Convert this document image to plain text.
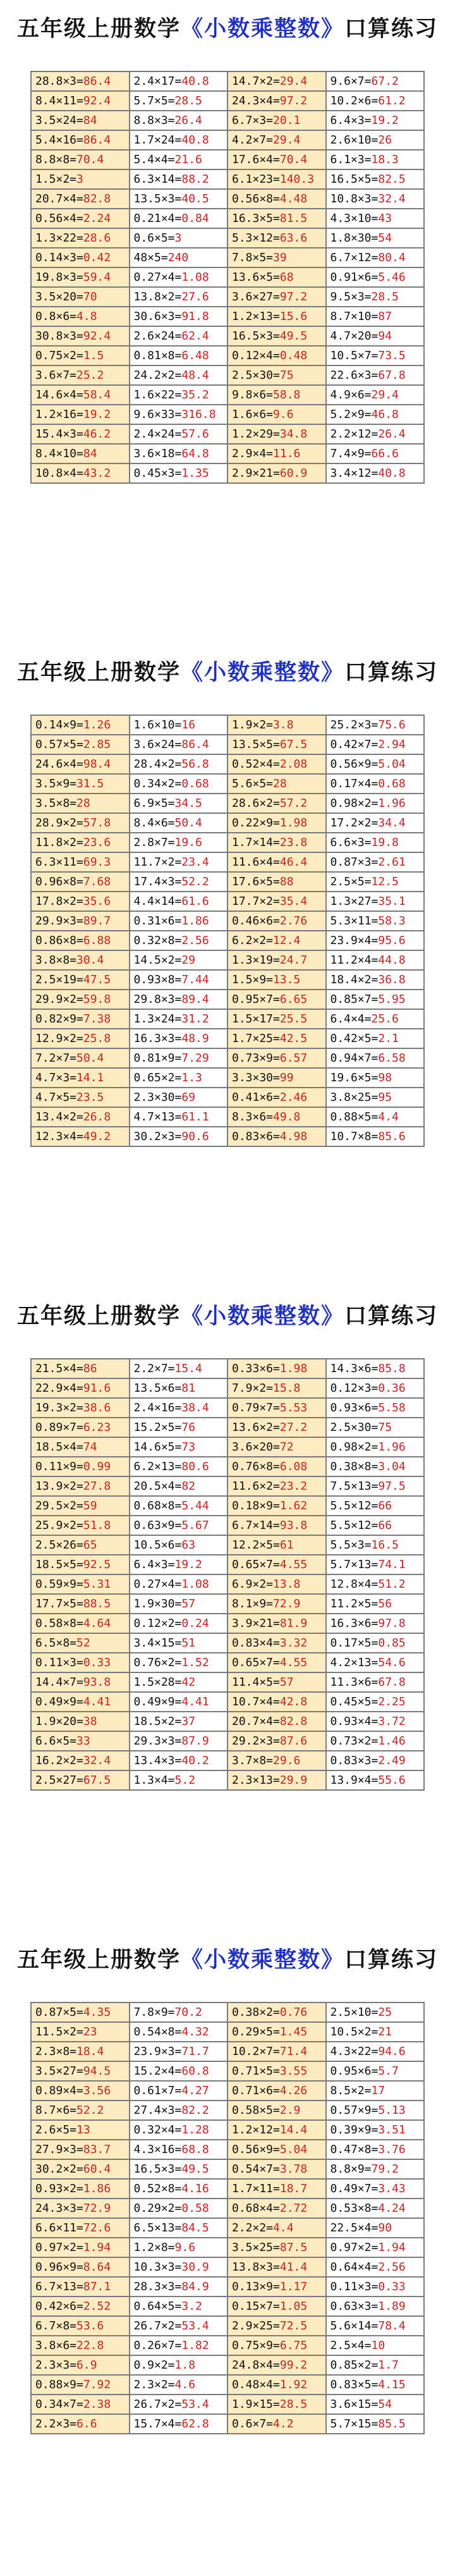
五年级上册数学《小数乘整数》口算练习
28.8×3=86.4	2.4×17=40.8	14.7×2=29.4	9.6×7=67.2
8.4×11=92.4	5.7×5=28.5	24.3×4=97.2	10.2×6=61.2
3.5×24=84	8.8×3=26.4	6.7×3=20.1	6.4×3=19.2
5.4×16=86.4	1.7×24=40.8	4.2×7=29.4	2.6×10=26
8.8×8=70.4	5.4×4=21.6	17.6×4=70.4	6.1×3=18.3
1.5×2=3	6.3×14=88.2	6.1×23=140.3	16.5×5=82.5
20.7×4=82.8	13.5×3=40.5	0.56×8=4.48	10.8×3=32.4
0.56×4=2.24	0.21×4=0.84	16.3×5=81.5	4.3×10=43
1.3×22=28.6	0.6×5=3	5.3×12=63.6	1.8×30=54
0.14×3=0.42	48×5=240	7.8×5=39	6.7×12=80.4
19.8×3=59.4	0.27×4=1.08	13.6×5=68	0.91×6=5.46
3.5×20=70	13.8×2=27.6	3.6×27=97.2	9.5×3=28.5
0.8×6=4.8	30.6×3=91.8	1.2×13=15.6	8.7×10=87
30.8×3=92.4	2.6×24=62.4	16.5×3=49.5	4.7×20=94
0.75×2=1.5	0.81×8=6.48	0.12×4=0.48	10.5×7=73.5
3.6×7=25.2	24.2×2=48.4	2.5×30=75	22.6×3=67.8
14.6×4=58.4	1.6×22=35.2	9.8×6=58.8	4.9×6=29.4
1.2×16=19.2	9.6×33=316.8	1.6×6=9.6	5.2×9=46.8
15.4×3=46.2	2.4×24=57.6	1.2×29=34.8	2.2×12=26.4
8.4×10=84	3.6×18=64.8	2.9×4=11.6	7.4×9=66.6
10.8×4=43.2	0.45×3=1.35	2.9×21=60.9	3.4×12=40.8
五年级上册数学《小数乘整数》口算练习
0.14×9=1.26	1.6×10=16	1.9×2=3.8	25.2×3=75.6
0.57×5=2.85	3.6×24=86.4	13.5×5=67.5	0.42×7=2.94
24.6×4=98.4	28.4×2=56.8	0.52×4=2.08	0.56×9=5.04
3.5×9=31.5	0.34×2=0.68	5.6×5=28	0.17×4=0.68
3.5×8=28	6.9×5=34.5	28.6×2=57.2	0.98×2=1.96
28.9×2=57.8	8.4×6=50.4	0.22×9=1.98	17.2×2=34.4
11.8×2=23.6	2.8×7=19.6	1.7×14=23.8	6.6×3=19.8
6.3×11=69.3	11.7×2=23.4	11.6×4=46.4	0.87×3=2.61
0.96×8=7.68	17.4×3=52.2	17.6×5=88	2.5×5=12.5
17.8×2=35.6	4.4×14=61.6	17.7×2=35.4	1.3×27=35.1
29.9×3=89.7	0.31×6=1.86	0.46×6=2.76	5.3×11=58.3
0.86×8=6.88	0.32×8=2.56	6.2×2=12.4	23.9×4=95.6
3.8×8=30.4	14.5×2=29	1.3×19=24.7	11.2×4=44.8
2.5×19=47.5	0.93×8=7.44	1.5×9=13.5	18.4×2=36.8
29.9×2=59.8	29.8×3=89.4	0.95×7=6.65	0.85×7=5.95
0.82×9=7.38	1.3×24=31.2	1.5×17=25.5	6.4×4=25.6
12.9×2=25.8	16.3×3=48.9	1.7×25=42.5	0.42×5=2.1
7.2×7=50.4	0.81×9=7.29	0.73×9=6.57	0.94×7=6.58
4.7×3=14.1	0.65×2=1.3	3.3×30=99	19.6×5=98
4.7×5=23.5	2.3×30=69	0.41×6=2.46	3.8×25=95
13.4×2=26.8	4.7×13=61.1	8.3×6=49.8	0.88×5=4.4
12.3×4=49.2	30.2×3=90.6	0.83×6=4.98	10.7×8=85.6
五年级上册数学《小数乘整数》口算练习
21.5×4=86	2.2×7=15.4	0.33×6=1.98	14.3×6=85.8
22.9×4=91.6	13.5×6=81	7.9×2=15.8	0.12×3=0.36
19.3×2=38.6	2.4×16=38.4	0.79×7=5.53	0.93×6=5.58
0.89×7=6.23	15.2×5=76	13.6×2=27.2	2.5×30=75
18.5×4=74	14.6×5=73	3.6×20=72	0.98×2=1.96
0.11×9=0.99	6.2×13=80.6	0.76×8=6.08	0.38×8=3.04
13.9×2=27.8	20.5×4=82	11.6×2=23.2	7.5×13=97.5
29.5×2=59	0.68×8=5.44	0.18×9=1.62	5.5×12=66
25.9×2=51.8	0.63×9=5.67	6.7×14=93.8	5.5×12=66
2.5×26=65	10.5×6=63	12.2×5=61	5.5×3=16.5
18.5×5=92.5	6.4×3=19.2	0.65×7=4.55	5.7×13=74.1
0.59×9=5.31	0.27×4=1.08	6.9×2=13.8	12.8×4=51.2
17.7×5=88.5	1.9×30=57	8.1×9=72.9	11.2×5=56
0.58×8=4.64	0.12×2=0.24	3.9×21=81.9	16.3×6=97.8
6.5×8=52	3.4×15=51	0.83×4=3.32	0.17×5=0.85
0.11×3=0.33	0.76×2=1.52	0.65×7=4.55	4.2×13=54.6
14.4×7=93.8	1.5×28=42	11.4×5=57	11.3×6=67.8
0.49×9=4.41	0.49×9=4.41	10.7×4=42.8	0.45×5=2.25
1.9×20=38	18.5×2=37	20.7×4=82.8	0.93×4=3.72
6.6×5=33	29.3×3=87.9	29.2×3=87.6	0.73×2=1.46
16.2×2=32.4	13.4×3=40.2	3.7×8=29.6	0.83×3=2.49
2.5×27=67.5	1.3×4=5.2	2.3×13=29.9	13.9×4=55.6
五年级上册数学《小数乘整数》口算练习
0.87×5=4.35	7.8×9=70.2	0.38×2=0.76	2.5×10=25
11.5×2=23	0.54×8=4.32	0.29×5=1.45	10.5×2=21
2.3×8=18.4	23.9×3=71.7	10.2×7=71.4	4.3×22=94.6
3.5×27=94.5	15.2×4=60.8	0.71×5=3.55	0.95×6=5.7
0.89×4=3.56	0.61×7=4.27	0.71×6=4.26	8.5×2=17
8.7×6=52.2	27.4×3=82.2	0.58×5=2.9	0.57×9=5.13
2.6×5=13	0.32×4=1.28	1.2×12=14.4	0.39×9=3.51
27.9×3=83.7	4.3×16=68.8	0.56×9=5.04	0.47×8=3.76
30.2×2=60.4	16.5×3=49.5	0.54×7=3.78	8.8×9=79.2
0.93×2=1.86	0.52×8=4.16	1.7×11=18.7	0.49×7=3.43
24.3×3=72.9	0.29×2=0.58	0.68×4=2.72	0.53×8=4.24
6.6×11=72.6	6.5×13=84.5	2.2×2=4.4	22.5×4=90
0.97×2=1.94	1.2×8=9.6	3.5×25=87.5	0.97×2=1.94
0.96×9=8.64	10.3×3=30.9	13.8×3=41.4	0.64×4=2.56
6.7×13=87.1	28.3×3=84.9	0.13×9=1.17	0.11×3=0.33
0.42×6=2.52	0.64×5=3.2	0.15×7=1.05	0.63×3=1.89
6.7×8=53.6	26.7×2=53.4	2.9×25=72.5	5.6×14=78.4
3.8×6=22.8	0.26×7=1.82	0.75×9=6.75	2.5×4=10
2.3×3=6.9	0.9×2=1.8	24.8×4=99.2	0.85×2=1.7
0.88×9=7.92	2.3×2=4.6	0.48×4=1.92	0.83×5=4.15
0.34×7=2.38	26.7×2=53.4	1.9×15=28.5	3.6×15=54
2.2×3=6.6	15.7×4=62.8	0.6×7=4.2	5.7×15=85.5
